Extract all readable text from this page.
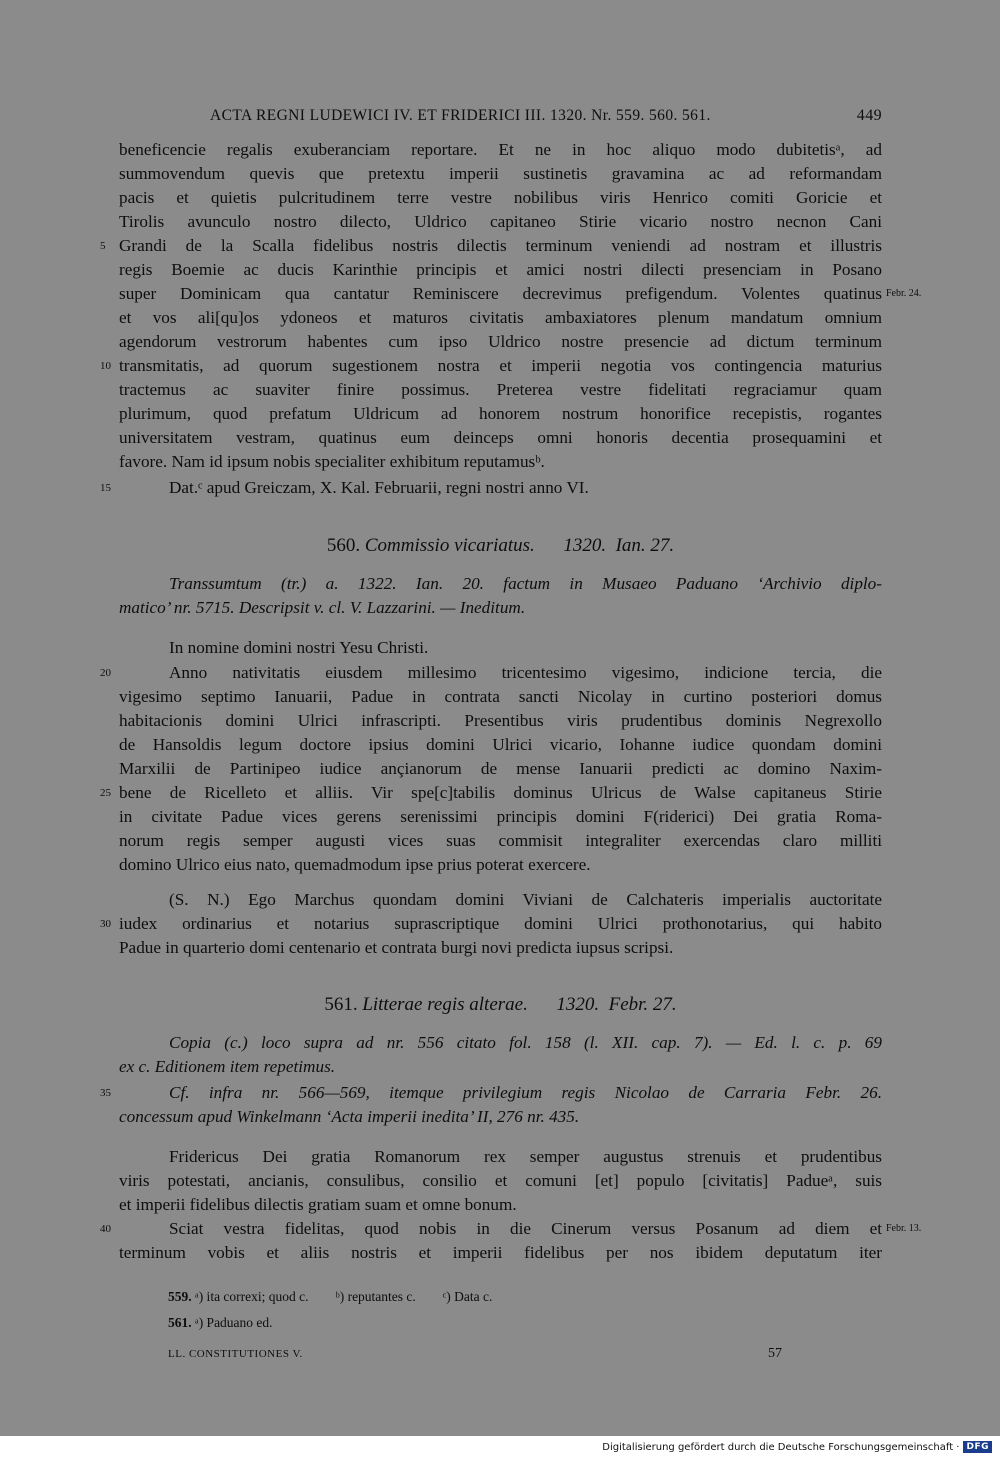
ACTA REGNI LUDEWICI IV. ET FRIDERICI III. 1320. Nr. 559. 560. 561.	449
beneficencie regalis exuberanciam reportare. Et ne in hoc aliquo modo dubitetisᵃ, ad
summovendum quevis que pretextu imperii sustinetis gravamina ac ad reformandam
pacis et quietis pulcritudinem terre vestre nobilibus viris Henrico comiti Goricie et
Tirolis avunculo nostro dilecto, Uldrico capitaneo Stirie vicario nostro necnon Cani
Grandi de la Scalla fidelibus nostris dilectis terminum veniendi ad nostram et illustris
regis Boemie ac ducis Karinthie principis et amici nostri dilecti presenciam in Posano
super Dominicam qua cantatur Reminiscere decrevimus prefigendum. Volentes quatinus
et vos ali[qu]os ydoneos et maturos civitatis ambaxiatores plenum mandatum omnium
agendorum vestrorum habentes cum ipso Uldrico nostre presencie ad dictum terminum
transmitatis, ad quorum sugestionem nostra et imperii negotia vos contingencia maturius
tractemus ac suaviter finire possimus. Preterea vestre fidelitati regraciamur quam
plurimum, quod prefatum Uldricum ad honorem nostrum honorifice recepistis, rogantes
universitatem vestram, quatinus eum deinceps omni honoris decentia prosequamini et
favore. Nam id ipsum nobis specialiter exhibitum reputamusᵇ.
Dat.ᶜ apud Greiczam, X. Kal. Februarii, regni nostri anno VI.
Transsumtum (tr.) a. 1322. Ian. 20. factum in Musaeo Paduano ‘Archivio diplo-
matico’ nr. 5715. Descripsit v. cl. V. Lazzarini. — Ineditum.
In nomine domini nostri Yesu Christi.
Anno nativitatis eiusdem millesimo tricentesimo vigesimo, indicione tercia, die
vigesimo septimo Ianuarii, Padue in contrata sancti Nicolay in curtino posteriori domus
habitacionis domini Ulrici infrascripti. Presentibus viris prudentibus dominis Negrexollo
de Hansoldis legum doctore ipsius domini Ulrici vicario, Iohanne iudice quondam domini
Marxilii de Partinipeo iudice ançianorum de mense Ianuarii predicti ac domino Naxim-
bene de Ricelleto et alliis. Vir spe[c]tabilis dominus Ulricus de Walse capitaneus Stirie
in civitate Padue vices gerens serenissimi principis domini F(riderici) Dei gratia Roma-
norum regis semper augusti vices suas commisit integraliter exercendas claro milliti
domino Ulrico eius nato, quemadmodum ipse prius poterat exercere.
(S. N.) Ego Marchus quondam domini Viviani de Calchateris imperialis auctoritate
iudex ordinarius et notarius suprascriptique domini Ulrici prothonotarius, qui habito
Padue in quarterio domi centenario et contrata burgi novi predicta iupsus scripsi.
Copia (c.) loco supra ad nr. 556 citato fol. 158 (l. XII. cap. 7). — Ed. l. c. p. 69
ex c. Editionem item repetimus.
Cf. infra nr. 566—569, itemque privilegium regis Nicolao de Carraria Febr. 26.
concessum apud Winkelmann ‘Acta imperii inedita’ II, 276 nr. 435.
Fridericus Dei gratia Romanorum rex semper augustus strenuis et prudentibus
viris potestati, ancianis, consulibus, consilio et comuni [et] populo [civitatis] Padueᵃ, suis
et imperii fidelibus dilectis gratiam suam et omne bonum.
Sciat vestra fidelitas, quod nobis in die Cinerum versus Posanum ad diem et
terminum vobis et aliis nostris et imperii fidelibus per nos ibidem deputatum iter
5
10
15
20
25
30
35
40
Febr. 24.
Febr. 13.
560. Commissio vicariatus. 1320.  Ian. 27.
561. Litterae regis alterae. 1320.  Febr. 27.
559. ᵃ) ita correxi; quod c.        ᵇ) reputantes c.        ᶜ) Data c.
561. ᵃ) Paduano ed.
LL. CONSTITUTIONES V.	57
Digitalisierung gefördert durch die Deutsche Forschungsgemeinschaft · DFG
